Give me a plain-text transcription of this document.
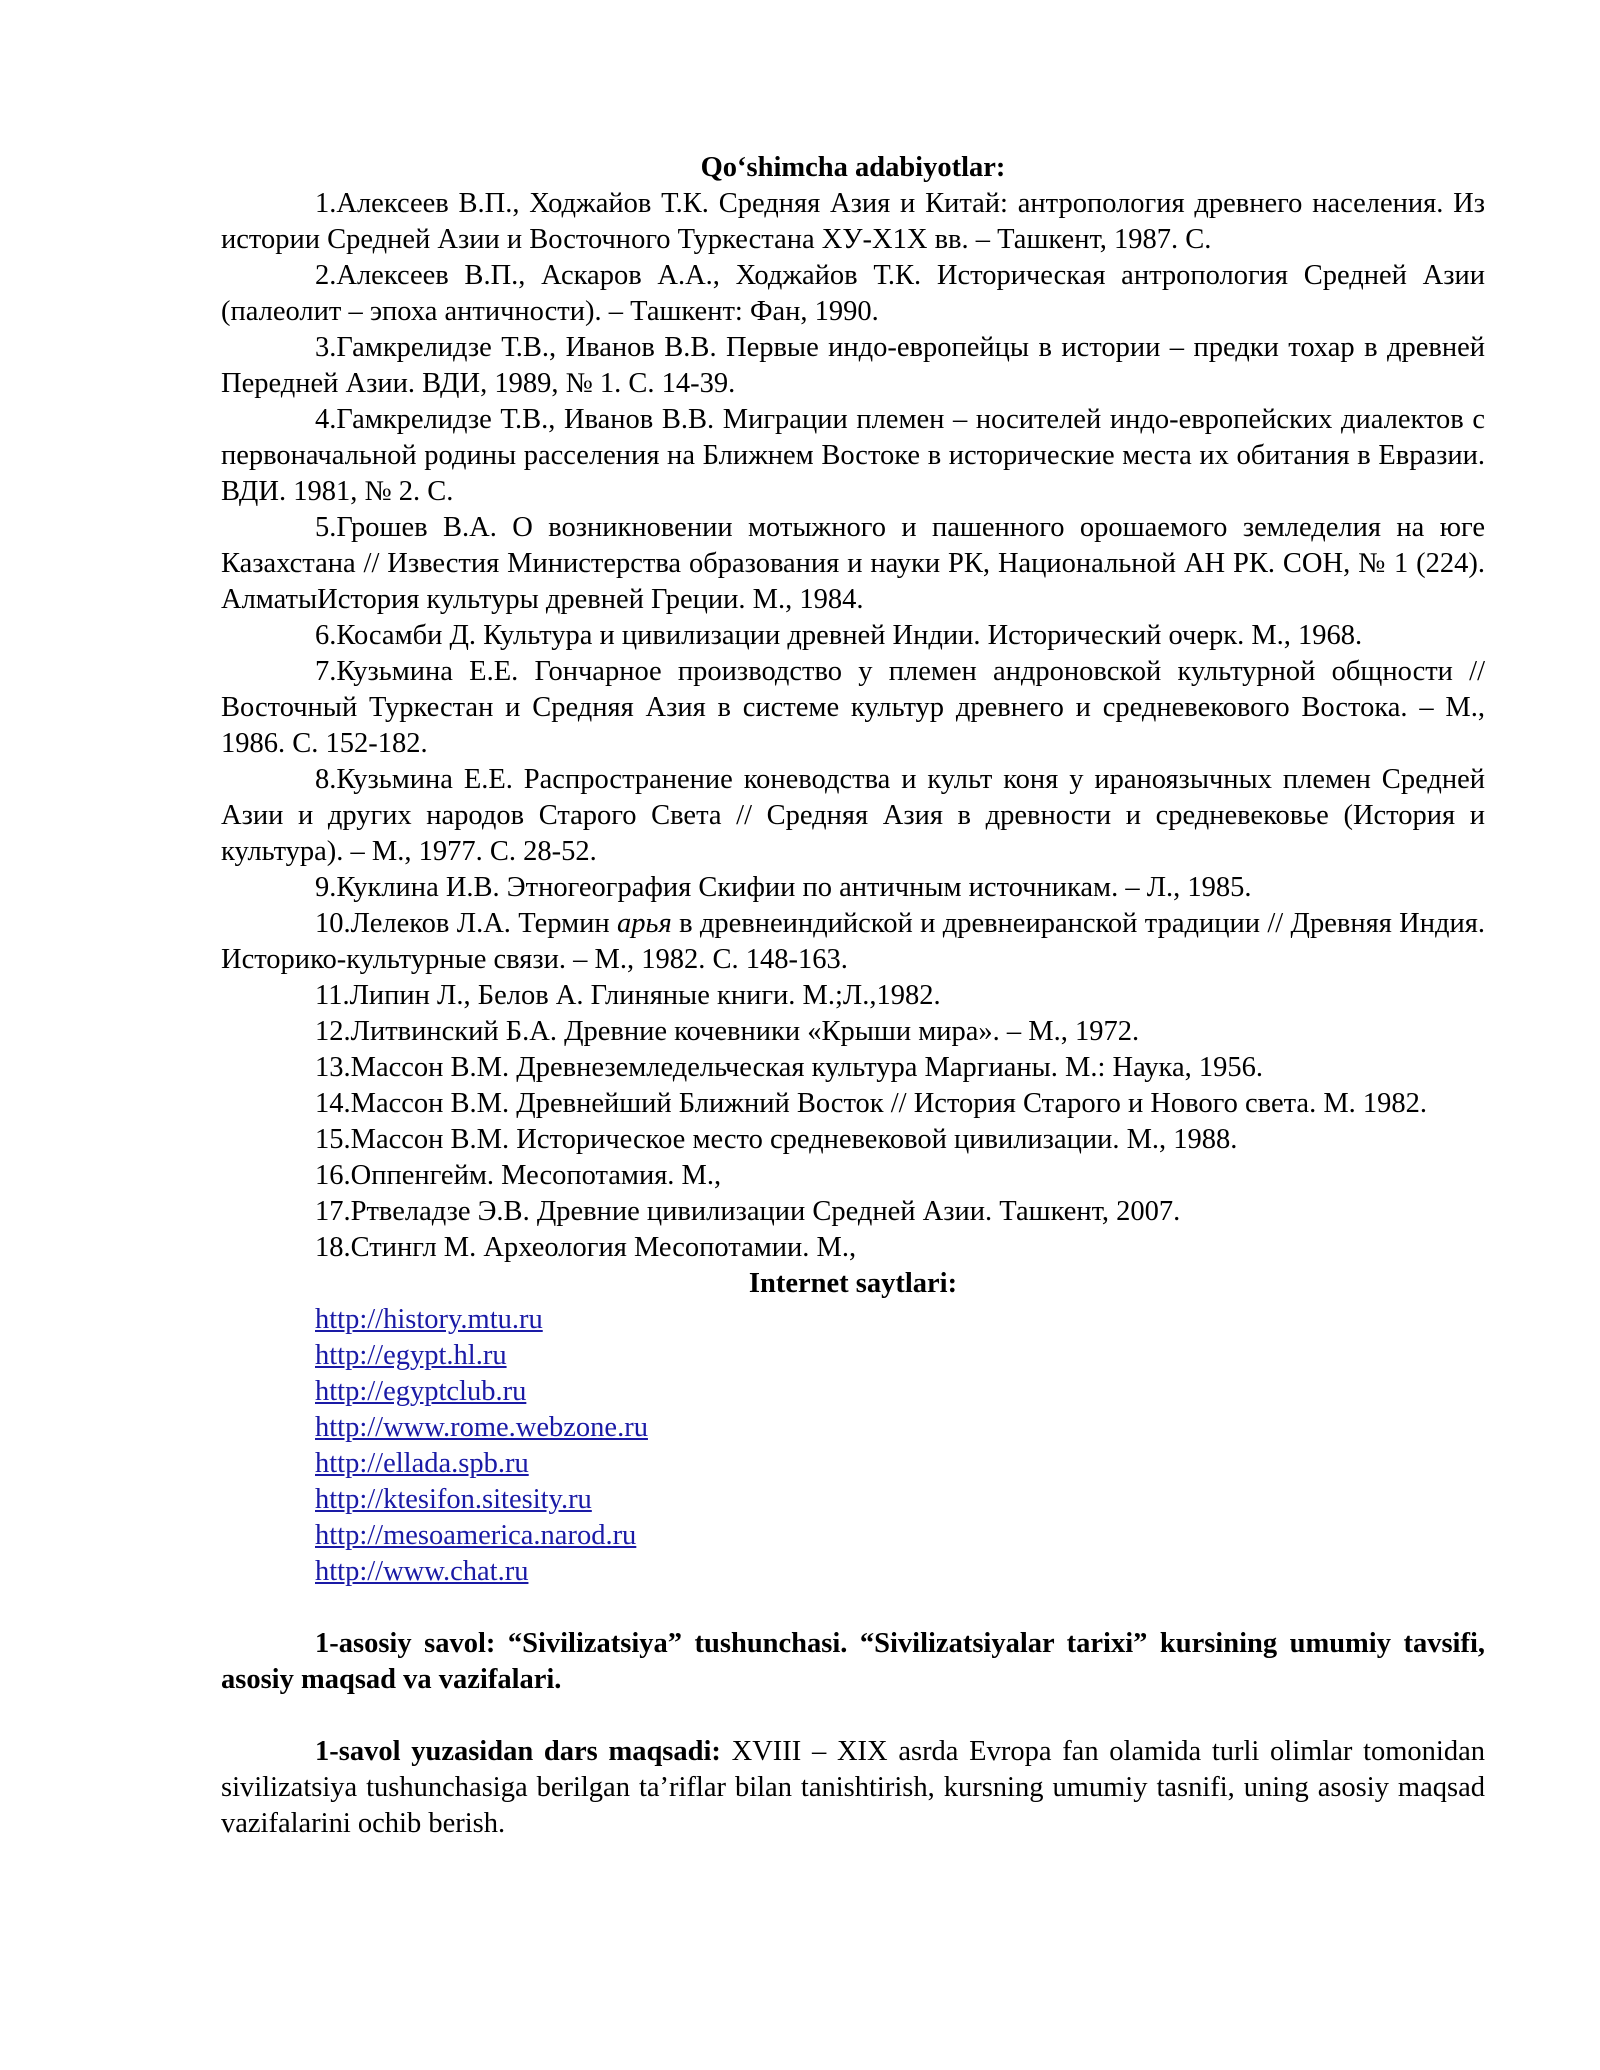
Qo‘shimcha adabiyotlar:

1.Алексеев В.П., Ходжайов Т.К. Средняя Азия и Китай: антропология древнего населения. Из истории Средней Азии и Восточного Туркестана ХУ-Х1Х вв. – Ташкент, 1987. С.

2.Алексеев В.П., Аскаров А.А., Ходжайов Т.К. Историческая антропология Средней Азии (палеолит – эпоха античности). – Ташкент: Фан, 1990.

3.Гамкрелидзе Т.В., Иванов В.В. Первые индо-европейцы в истории – предки тохар в древней Передней Азии. ВДИ, 1989, № 1. С. 14-39.

4.Гамкрелидзе Т.В., Иванов В.В. Миграции племен – носителей индо-европейских диалектов с первоначальной родины расселения на Ближнем Востоке в исторические места их обитания в Евразии. ВДИ. 1981, № 2. С.

5.Грошев В.А. О возникновении мотыжного и пашенного орошаемого земледелия на юге Казахстана // Известия Министерства образования и науки РК, Национальной АН РК. СОН, № 1 (224). АлматыИстория культуры древней Греции. М., 1984.

6.Косамби Д. Культура и цивилизации древней Индии. Исторический очерк. М., 1968.

7.Кузьмина Е.Е. Гончарное производство у племен андроновской культурной общности // Восточный Туркестан и Средняя Азия в системе культур древнего и средневекового Востока. – М., 1986. С. 152-182.

8.Кузьмина Е.Е. Распространение коневодства и культ коня у ираноязычных племен Средней Азии и других народов Старого Света // Средняя Азия в древности и средневековье (История и культура). – М., 1977. С. 28-52.

9.Куклина И.В. Этногеография Скифии по античным источникам. – Л., 1985.

10.Лелеков Л.А. Термин арья в древнеиндийской и древнеиранской традиции // Древняя Индия. Историко-культурные связи. – М., 1982. С. 148-163.

11.Липин Л., Белов А. Глиняные книги. М.;Л.,1982.

12.Литвинский Б.А. Древние кочевники «Крыши мира». – М., 1972.

13.Массон В.М. Древнеземледельческая культура Маргианы. М.: Наука, 1956.

14.Массон В.М. Древнейший Ближний Восток // История Старого и Нового света. М. 1982.

15.Массон В.М. Историческое место средневековой цивилизации. М., 1988.

16.Оппенгейм. Месопотамия. М.,

17.Ртвеладзе Э.В. Древние цивилизации Средней Азии. Ташкент, 2007.

18.Стингл М. Археология Месопотамии. М.,

Internet saytlari:

http://history.mtu.ru
http://egypt.hl.ru
http://egyptclub.ru
http://www.rome.webzone.ru
http://ellada.spb.ru
http://ktesifon.sitesity.ru
http://mesoamerica.narod.ru
http://www.chat.ru

1-asosiy savol: “Sivilizatsiya” tushunchasi. “Sivilizatsiyalar tarixi” kursining umumiy tavsifi, asosiy maqsad va vazifalari.

1-savol yuzasidan dars maqsadi: XVIII – XIX asrda Evropa fan olamida turli olimlar tomonidan sivilizatsiya tushunchasiga berilgan ta’riflar bilan tanishtirish, kursning umumiy tasnifi, uning asosiy maqsad vazifalarini ochib berish.
